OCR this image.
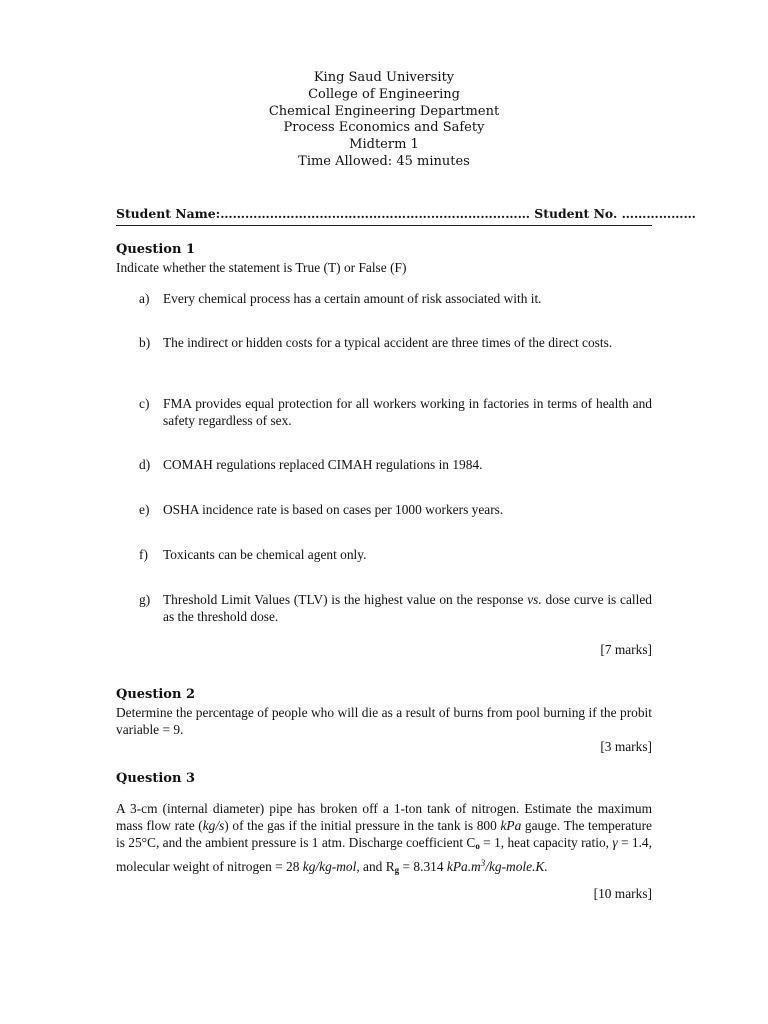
King Saud University
College of Engineering
Chemical Engineering Department
Process Economics and Safety
Midterm 1
Time Allowed: 45 minutes
Student Name:………………………………………………………………… Student No. ………………
Question 1
Indicate whether the statement is True (T) or False (F)
a)	Every chemical process has a certain amount of risk associated with it.
b) The indirect or hidden costs for a typical accident are three times of the direct costs.
c)	FMA provides equal protection for all workers working in factories in terms of health and safety regardless of sex.
d) COMAH regulations replaced CIMAH regulations in 1984.
e)	OSHA incidence rate is based on cases per 1000 workers years.
f)	Toxicants can be chemical agent only.
g) Threshold Limit Values (TLV) is the highest value on the response vs. dose curve is called as the threshold dose.
[7 marks]
Question 2
Determine the percentage of people who will die as a result of burns from pool burning if the probit variable = 9.
[3 marks]
Question 3
A 3-cm (internal diameter) pipe has broken off a 1-ton tank of nitrogen. Estimate the maximum mass flow rate (kg/s) of the gas if the initial pressure in the tank is 800 kPa gauge. The temperature is 25°C, and the ambient pressure is 1 atm. Discharge coefficient Co = 1, heat capacity ratio, γ = 1.4, molecular weight of nitrogen = 28 kg/kg-mol, and Rg = 8.314 $kPa.m^3/kg-mole.K$.
[10 marks]
